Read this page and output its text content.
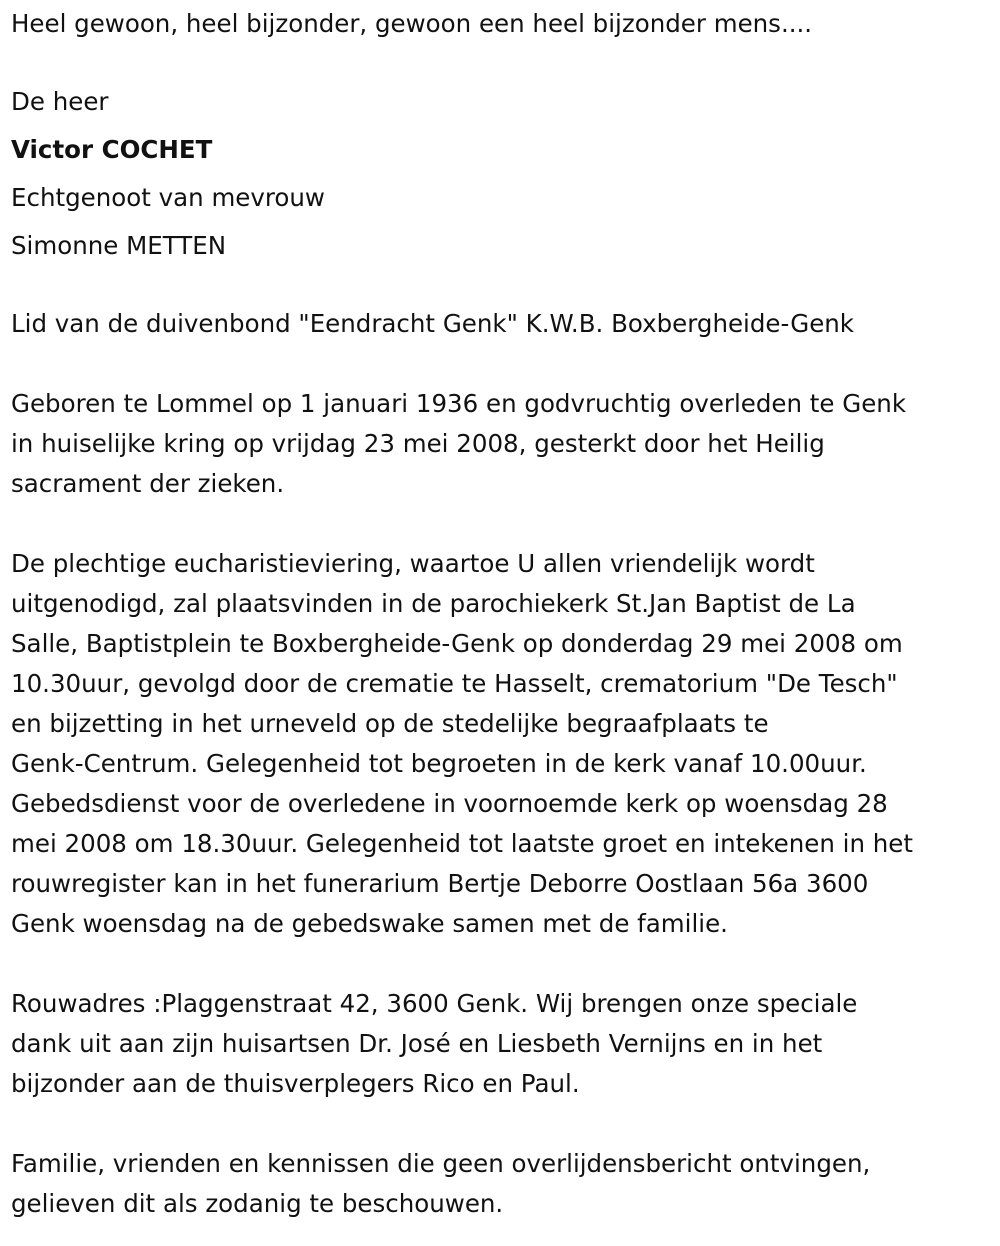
Heel gewoon, heel bijzonder, gewoon een heel bijzonder mens....
De heer
Victor COCHET
Echtgenoot van mevrouw
Simonne METTEN
Lid van de duivenbond "Eendracht Genk" K.W.B. Boxbergheide-Genk
Geboren te Lommel op 1 januari 1936 en godvruchtig overleden te Genk
in huiselijke kring op vrijdag 23 mei 2008, gesterkt door het Heilig
sacrament der zieken.
De plechtige eucharistieviering, waartoe U allen vriendelijk wordt
uitgenodigd, zal plaatsvinden in de parochiekerk St.Jan Baptist de La
Salle, Baptistplein te Boxbergheide-Genk op donderdag 29 mei 2008 om
10.30uur, gevolgd door de crematie te Hasselt, crematorium "De Tesch"
en bijzetting in het urneveld op de stedelijke begraafplaats te
Genk-Centrum. Gelegenheid tot begroeten in de kerk vanaf 10.00uur.
Gebedsdienst voor de overledene in voornoemde kerk op woensdag 28
mei 2008 om 18.30uur. Gelegenheid tot laatste groet en intekenen in het
rouwregister kan in het funerarium Bertje Deborre Oostlaan 56a 3600
Genk woensdag na de gebedswake samen met de familie.
Rouwadres :Plaggenstraat 42, 3600 Genk. Wij brengen onze speciale
dank uit aan zijn huisartsen Dr. José en Liesbeth Vernijns en in het
bijzonder aan de thuisverplegers Rico en Paul.
Familie, vrienden en kennissen die geen overlijdensbericht ontvingen,
gelieven dit als zodanig te beschouwen.
